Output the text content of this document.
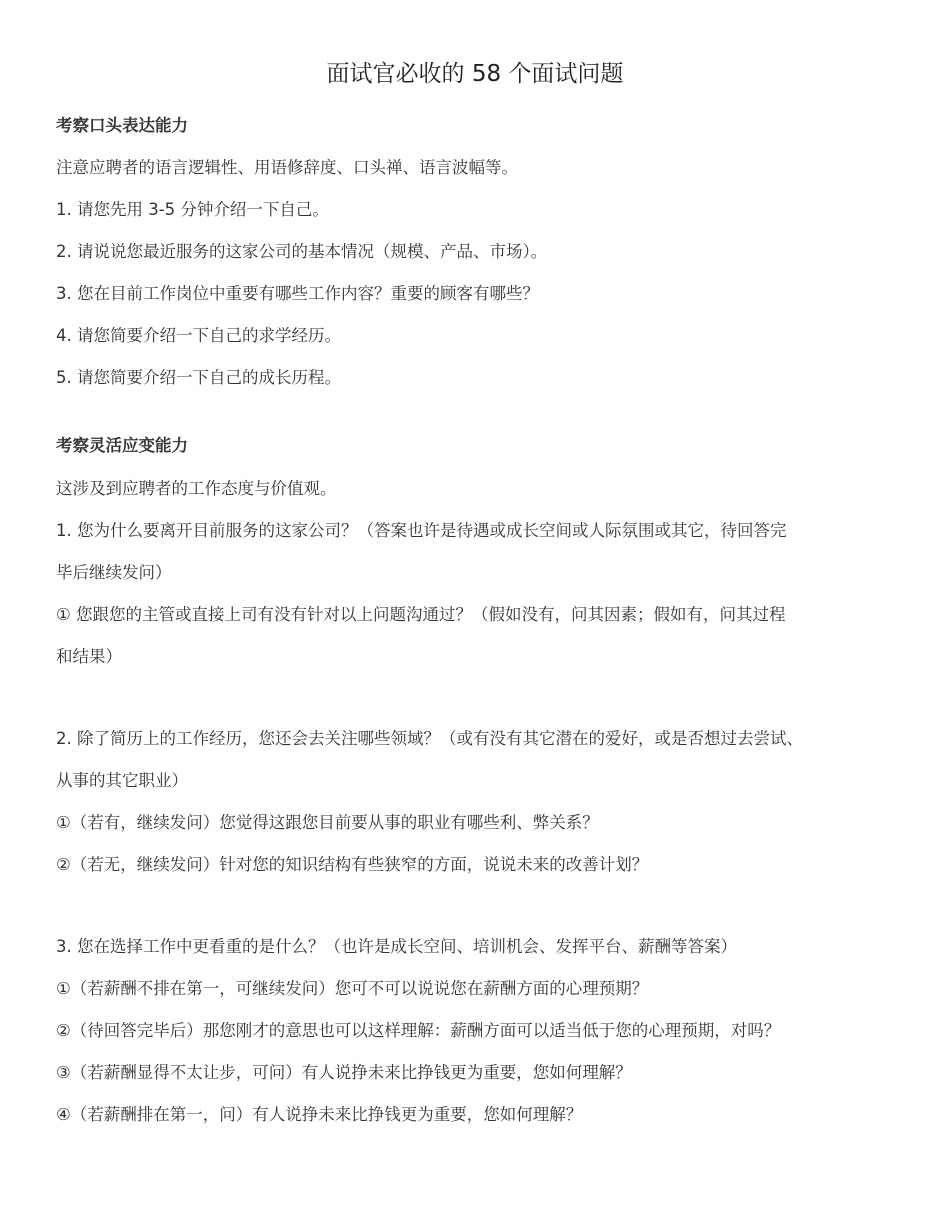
面试官必收的 58 个面试问题

考察口头表达能力

注意应聘者的语言逻辑性、用语修辞度、口头禅、语言波幅等。

1. 请您先用 3-5 分钟介绍一下自己。

2. 请说说您最近服务的这家公司的基本情况（规模、产品、市场）。

3. 您在目前工作岗位中重要有哪些工作内容？重要的顾客有哪些？

4. 请您简要介绍一下自己的求学经历。

5. 请您简要介绍一下自己的成长历程。

考察灵活应变能力

这涉及到应聘者的工作态度与价值观。

1. 您为什么要离开目前服务的这家公司？（答案也许是待遇或成长空间或人际氛围或其它，待回答完

毕后继续发问）

① 您跟您的主管或直接上司有没有针对以上问题沟通过？（假如没有，问其因素；假如有，问其过程

和结果）

2. 除了简历上的工作经历，您还会去关注哪些领域？（或有没有其它潜在的爱好，或是否想过去尝试、

从事的其它职业）

①（若有，继续发问）您觉得这跟您目前要从事的职业有哪些利、弊关系？

②（若无，继续发问）针对您的知识结构有些狭窄的方面，说说未来的改善计划？

3. 您在选择工作中更看重的是什么？（也许是成长空间、培训机会、发挥平台、薪酬等答案）

①（若薪酬不排在第一，可继续发问）您可不可以说说您在薪酬方面的心理预期？

②（待回答完毕后）那您刚才的意思也可以这样理解：薪酬方面可以适当低于您的心理预期，对吗？

③（若薪酬显得不太让步，可问）有人说挣未来比挣钱更为重要，您如何理解？

④（若薪酬排在第一，问）有人说挣未来比挣钱更为重要，您如何理解？
